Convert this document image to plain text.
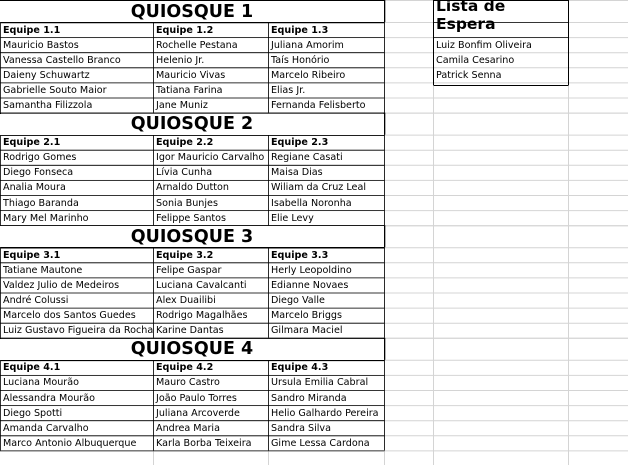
QUIOSQUE 1
Equipe 1.1
Mauricio Bastos
Vanessa Castello Branco
Daieny Schuwartz
Gabrielle Souto Maior
Samantha Filizzola
Equipe 1.2
Rochelle Pestana
Helenio Jr.
Mauricio Vivas
Tatiana Farina
Jane Muniz
Equipe 1.3
Juliana Amorim
Taís Honório
Marcelo Ribeiro
Elias Jr.
Fernanda Felisberto
QUIOSQUE 2
Equipe 2.1
Rodrigo Gomes
Diego Fonseca
Analia Moura
Thiago Baranda
Mary Mel Marinho
Equipe 2.2
Igor Mauricio Carvalho
Lívia Cunha
Arnaldo Dutton
Sonia Bunjes
Felippe Santos
Equipe 2.3
Regiane Casati
Maisa Dias
Wiliam da Cruz Leal
Isabella Noronha
Elie Levy
QUIOSQUE 3
Equipe 3.1
Tatiane Mautone
Valdez Julio de Medeiros
André Colussi
Marcelo dos Santos Guedes
Luiz Gustavo Figueira da Rocha
Equipe 3.2
Felipe Gaspar
Luciana Cavalcanti
Alex Duailibi
Rodrigo Magalhães
Karine Dantas
Equipe 3.3
Herly Leopoldino
Edianne Novaes
Diego Valle
Marcelo Briggs
Gilmara Maciel
QUIOSQUE 4
Equipe 4.1
Luciana Mourão
Alessandra Mourão
Diego Spotti
Amanda Carvalho
Marco Antonio Albuquerque
Equipe 4.2
Mauro Castro
João Paulo Torres
Juliana Arcoverde
Andrea Maria
Karla Borba Teixeira
Equipe 4.3
Ursula Emilia Cabral
Sandro Miranda
Helio Galhardo Pereira
Sandra Silva
Gime Lessa Cardona
Lista de Espera
Luiz Bonfim Oliveira
Camila Cesarino
Patrick Senna
